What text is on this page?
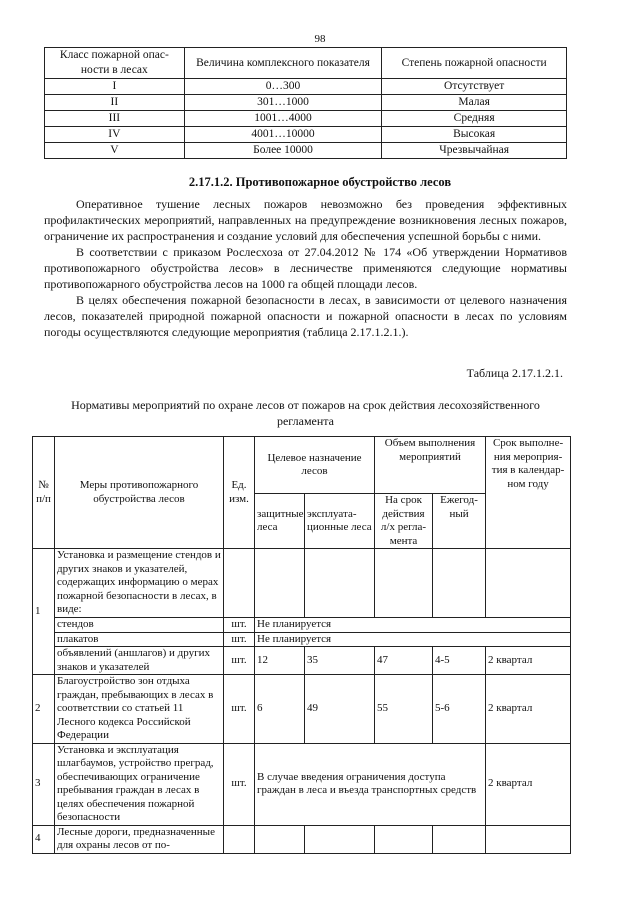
98
Класс пожарной опас-ности в лесах	Величина комплексного показателя	Степень пожарной опасности
I	0…300	Отсутствует
II	301…1000	Малая
III	1001…4000	Средняя
IV	4001…10000	Высокая
V	Более 10000	Чрезвычайная
2.17.1.2. Противопожарное обустройство лесов

Оперативное тушение лесных пожаров невозможно без проведения эффективных профилактических мероприятий, направленных на предупреждение возникновения лесных пожаров, ограничение их распространения и создание условий для обеспечения успешной борьбы с ними.

В соответствии с приказом Рослесхоза от 27.04.2012 № 174 «Об утверждении Нормативов противопожарного обустройства лесов» в лесничестве применяются следующие нормативы противопожарного обустройства лесов на 1000 га общей площади лесов.

В целях обеспечения пожарной безопасности в лесах, в зависимости от целевого назначения лесов, показателей природной пожарной опасности и пожарной опасности в лесах по условиям погоды осуществляются следующие мероприятия (таблица 2.17.1.2.1.).

Таблица 2.17.1.2.1.
Нормативы мероприятий по охране лесов от пожаров на срок действия лесохозяйственного регламента
№ п/п	Меры противопожарного обустройства лесов	Ед. изм.	Целевое назначение лесов		Объем выполнения мероприятий		Срок выполне-ния мероприя-тия в календар-ном году
			защитные леса	эксплуата-ционные леса	На срок действия л/х регла-мента	Ежегод-ный	
1	Установка и размещение стендов и других знаков и указателей, содержащих информацию о мерах пожарной безопасности в лесах, в виде:						
	стендов	шт.	Не планируется				
	плакатов	шт.	Не планируется				
	объявлений (аншлагов) и других знаков и указателей	шт.	12	35	47	4-5	2 квартал
2	Благоустройство зон отдыха граждан, пребывающих в лесах в соответствии со статьей 11 Лесного кодекса Российской Федерации	шт.	6	49	55	5-6	2 квартал
3	Установка и эксплуатация шлагбаумов, устройство преград, обеспечивающих ограничение пребывания граждан в лесах в целях обеспечения пожарной безопасности	шт.	В случае введения ограничения доступа граждан в леса и въезда транспортных средств				2 квартал
4	Лесные дороги, предназначенные для охраны лесов от по-						
